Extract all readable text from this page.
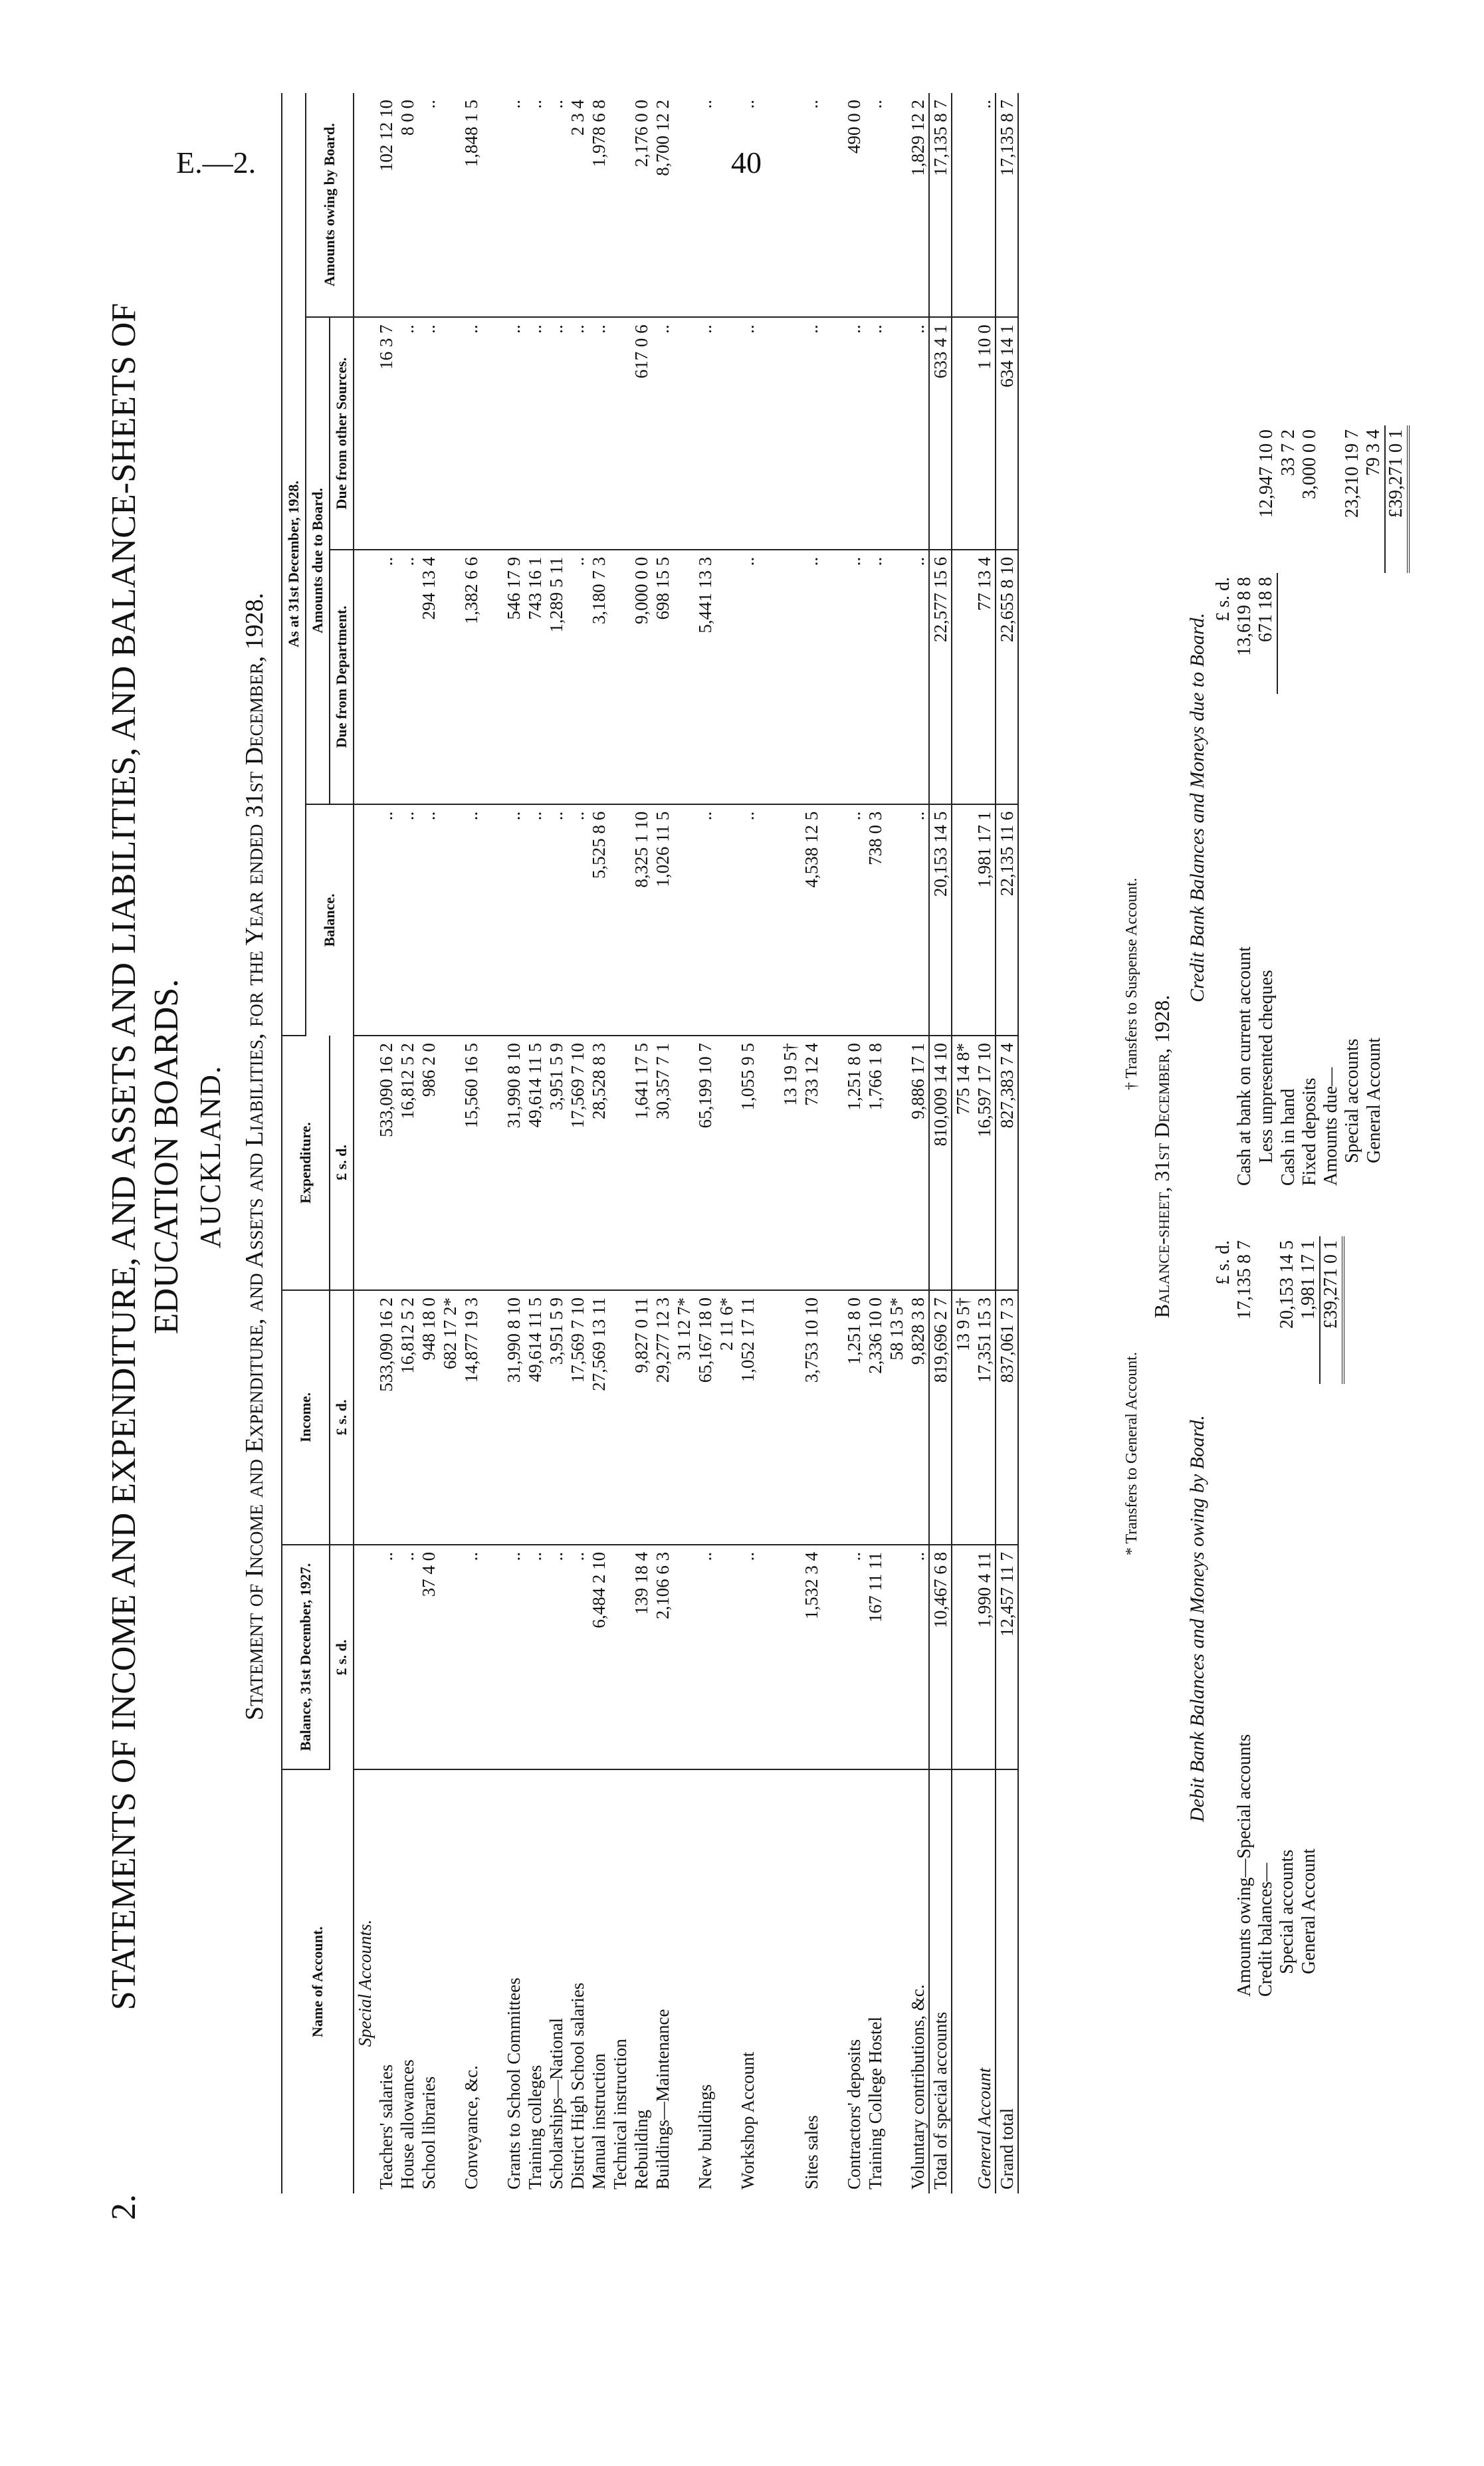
E.—2.	40
2.
STATEMENTS OF INCOME AND EXPENDITURE, AND ASSETS AND LIABILITIES, AND BALANCE-SHEETS OF EDUCATION BOARDS. AUCKLAND. Statement of Income and Expenditure, and Assets and Liabilities, for the Year ended 31st December, 1928.
Name of Account.	Balance, 31st December, 1927.	Income.	Expenditure.	As at 31st December, 1928.			
				Balance.	Amounts due to Board.		Amounts owing by Board.
	£ s. d.	£ s. d.	£ s. d.		Due from Department.	Due from other Sources.	
Special Accounts.							
Teachers' salaries	..	533,090 16 2	533,090 16 2	..	..	16 3 7	102 12 10
House allowances	..	16,812 5 2	16,812 5 2	..	..	..	8 0 0
School libraries	37 4 0	948 18 0	986 2 0	..	294 13 4	..	..
		682 17 2*					
Conveyance, &c.	..	14,877 19 3	15,560 16 5	..	1,382 6 6	..	1,848 1 5

Grants to School Committees	..	31,990 8 10	31,990 8 10	..	546 17 9	..	..
Training colleges	..	49,614 11 5	49,614 11 5	..	743 16 1	..	..
Scholarships—National	..	3,951 5 9	3,951 5 9	..	1,289 5 11	..	..
District High School salaries	..	17,569 7 10	17,569 7 10	..	..	..	2 3 4
Manual instruction	6,484 2 10	27,569 13 11	28,528 8 3	5,525 8 6	3,180 7 3	..	1,978 6 8
Technical instruction							
Rebuilding	139 18 4	9,827 0 11	1,641 17 5	8,325 1 10	9,000 0 0	617 0 6	2,176 0 0
Buildings—Maintenance	2,106 6 3	29,277 12 3	30,357 7 1	1,026 11 5	698 15 5	..	8,700 12 2
		31 12 7*					
New buildings	..	65,167 18 0	65,199 10 7	..	5,441 13 3	..	..
		2 11 6*					
Workshop Account	..	1,052 17 11	1,055 9 5	..	..	..	..

			13 19 5†				
Sites sales	1,532 3 4	3,753 10 10	733 12 4	4,538 12 5	..	..	..

Contractors' deposits	..	1,251 8 0	1,251 8 0	..	..	..	490 0 0
Training College Hostel	167 11 11	2,336 10 0	1,766 1 8	738 0 3	..	..	..
		58 13 5*					
Voluntary contributions, &c.	..	9,828 3 8	9,886 17 1	..	..	..	1,829 12 2
Total of special accounts	10,467 6 8	819,696 2 7	810,009 14 10	20,153 14 5	22,577 15 6	633 4 1	17,135 8 7
		13 9 5†	775 14 8*				
General Account	1,990 4 11	17,351 15 3	16,597 17 10	1,981 17 1	77 13 4	1 10 0	..
Grand total	12,457 11 7	837,061 7 3	827,383 7 4	22,135 11 6	22,655 8 10	634 14 1	17,135 8 7
* Transfers to General Account.
† Transfers to Suspense Account.
Balance-sheet, 31st December, 1928.
Debit Bank Balances and Moneys owing by Board.
	£ s. d.
Amounts owing—Special accounts	17,135 8 7
Credit balances—	
Special accounts	20,153 14 5
General Account	1,981 17 1
	£39,271 0 1
Credit Bank Balances and Moneys due to Board.
	£ s. d.	
Cash at bank on current account	13,619 8 8	
Less unpresented cheques	671 18 8	12,947 10 0
Cash in hand		33 7 2
Fixed deposits		3,000 0 0
Amounts due—		
Special accounts		23,210 19 7
General Account		79 3 4
		£39,271 0 1
